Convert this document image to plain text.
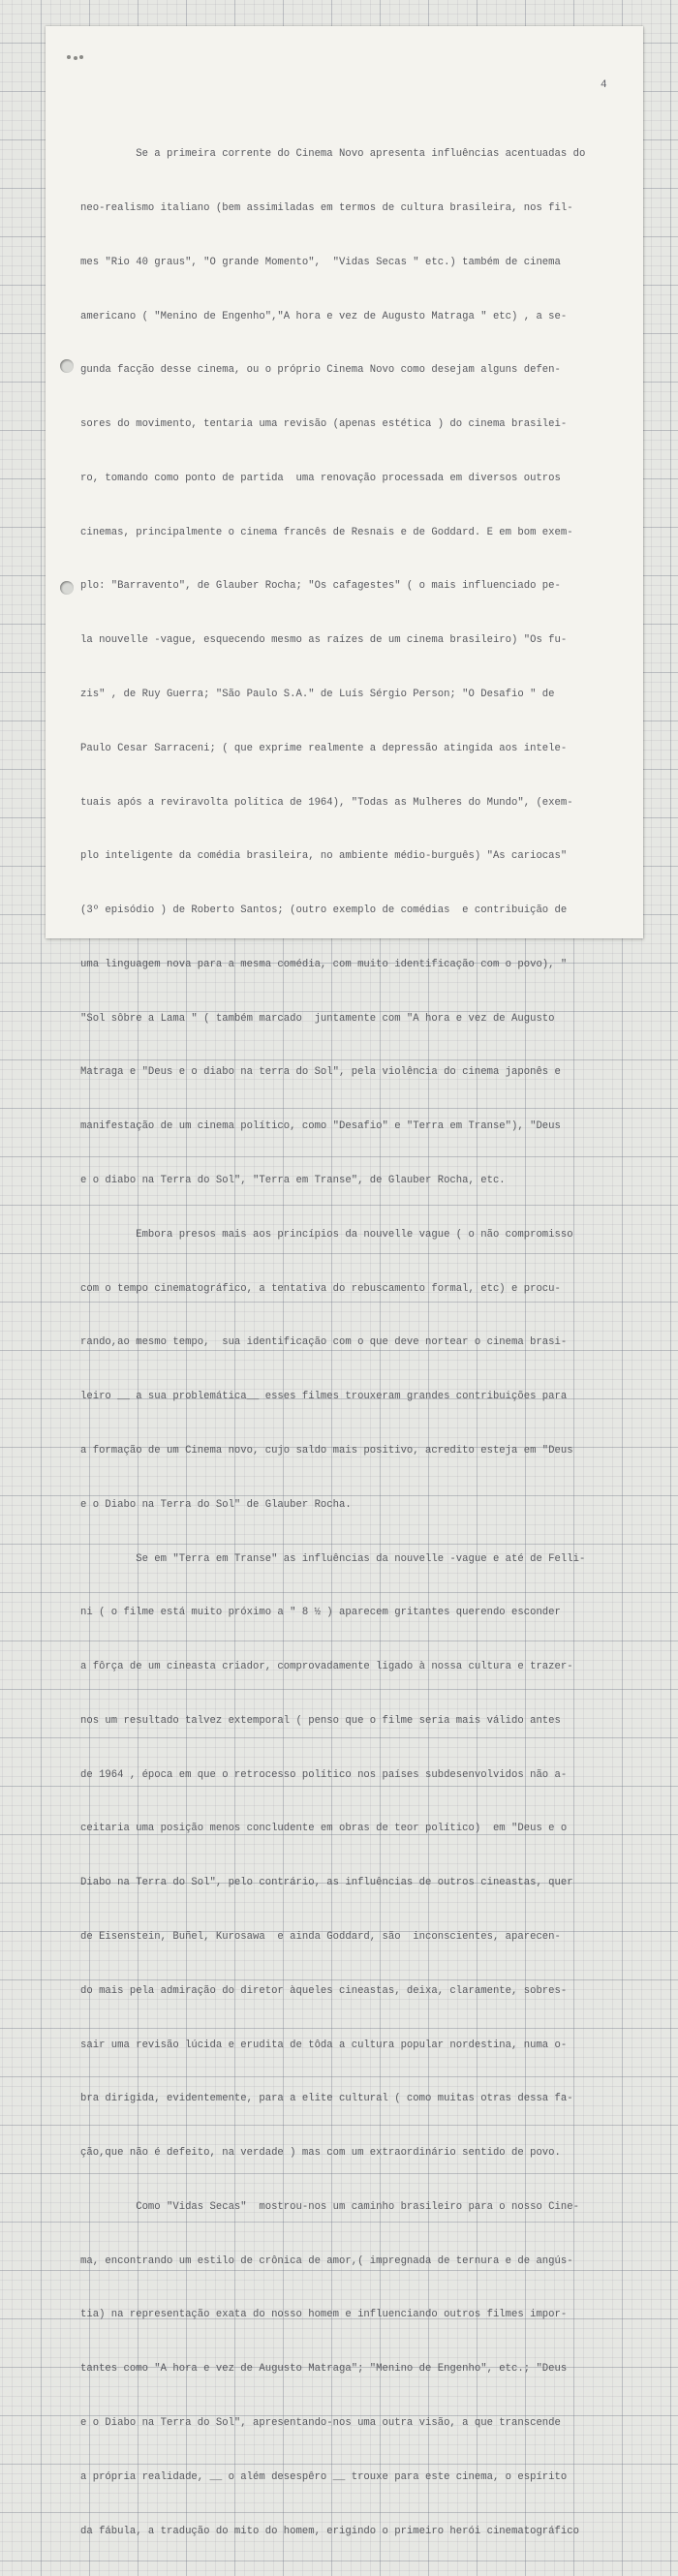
4

Se a primeira corrente do Cinema Novo apresenta influências acentuadas do

neo-realismo italiano (bem assimiladas em termos de cultura brasileira, nos fil-

mes "Rio 40 graus", "O grande Momento",  "Vidas Secas " etc.) também de cinema

americano ( "Menino de Engenho","A hora e vez de Augusto Matraga " etc) , a se-

gunda facção desse cinema, ou o próprio Cinema Novo como desejam alguns defen-

sores do movimento, tentaria uma revisão (apenas estética ) do cinema brasilei-

ro, tomando como ponto de partida  uma renovação processada em diversos outros

cinemas, principalmente o cinema francês de Resnais e de Goddard. E em bom exem-

plo: "Barravento", de Glauber Rocha; "Os cafagestes" ( o mais influenciado pe-

la nouvelle -vague, esquecendo mesmo as raízes de um cinema brasileiro) "Os fu-

zis" , de Ruy Guerra; "São Paulo S.A." de Luís Sérgio Person; "O Desafio " de

Paulo Cesar Sarraceni; ( que exprime realmente a depressão atingida aos intele-

tuais após a reviravolta política de 1964), "Todas as Mulheres do Mundo", (exem-

plo inteligente da comédia brasileira, no ambiente médio-burguês) "As cariocas"

(3º episódio ) de Roberto Santos; (outro exemplo de comédias  e contribuição de

uma linguagem nova para a mesma comédia, com muito identificação com o povo), "

"Sol sôbre a Lama " ( também marcado  juntamente com "A hora e vez de Augusto

Matraga e "Deus e o diabo na terra do Sol", pela violência do cinema japonês e

manifestação de um cinema político, como "Desafio" e "Terra em Transe"), "Deus

e o diabo na Terra do Sol", "Terra em Transe", de Glauber Rocha, etc.

Embora presos mais aos princípios da nouvelle vague ( o não compromisso

com o tempo cinematográfico, a tentativa do rebuscamento formal, etc) e procu-

rando,ao mesmo tempo,  sua identificação com o que deve nortear o cinema brasi-

leiro __ a sua problemática__ esses filmes trouxeram grandes contribuições para

a formação de um Cinema novo, cujo saldo mais positivo, acredito esteja em "Deus

e o Diabo na Terra do Sol" de Glauber Rocha.

Se em "Terra em Transe" as influências da nouvelle -vague e até de Felli-

ni ( o filme está muito próximo a " 8 ½ ) aparecem gritantes querendo esconder

a fôrça de um cineasta criador, comprovadamente ligado à nossa cultura e trazer-

nos um resultado talvez extemporal ( penso que o filme seria mais válido antes

de 1964 , época em que o retrocesso político nos países subdesenvolvidos não a-

ceitaria uma posição menos concludente em obras de teor político)  em "Deus e o

Diabo na Terra do Sol", pelo contrário, as influências de outros cineastas, quer

de Eisenstein, Buñel, Kurosawa  e ainda Goddard, são  inconscientes, aparecen-

do mais pela admiração do diretor àqueles cineastas, deixa, claramente, sobres-

sair uma revisão lúcida e erudita de tôda a cultura popular nordestina, numa o-

bra dirigida, evidentemente, para a elite cultural ( como muitas otras dessa fa-

ção,que não é defeito, na verdade ) mas com um extraordinário sentido de povo.

Como "Vidas Secas"  mostrou-nos um caminho brasileiro para o nosso Cine-

ma, encontrando um estilo de crônica de amor,( impregnada de ternura e de angús-

tia) na representação exata do nosso homem e influenciando outros filmes impor-

tantes como "A hora e vez de Augusto Matraga"; "Menino de Engenho", etc.; "Deus

e o Diabo na Terra do Sol", apresentando-nos uma outra visão, a que transcende

a própria realidade, __ o além desespêro __ trouxe para este cinema, o espírito

da fábula, a tradução do mito do homem, erigindo o primeiro herói cinematográfico
